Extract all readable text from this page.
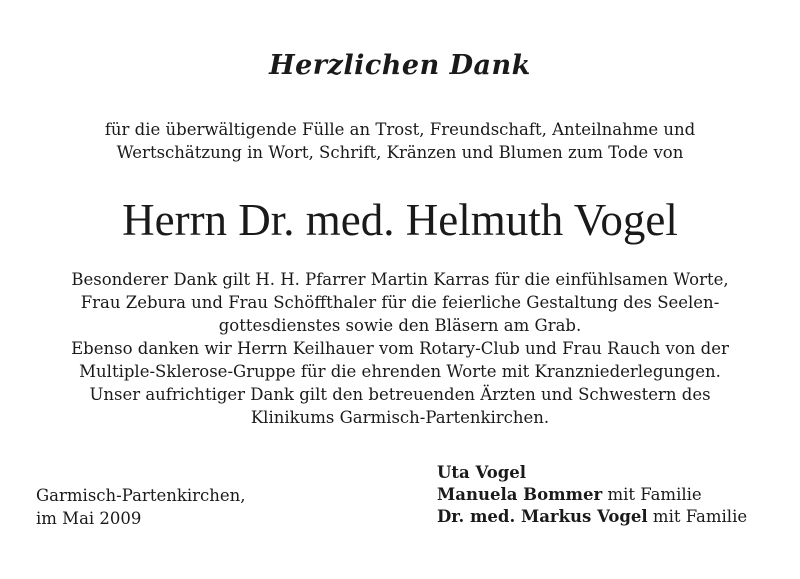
Herzlichen Dank
für die überwältigende Fülle an Trost, Freundschaft, Anteilnahme und
Wertschätzung in Wort, Schrift, Kränzen und Blumen zum Tode von
Herrn Dr. med. Helmuth Vogel
Besonderer Dank gilt H. H. Pfarrer Martin Karras für die einfühlsamen Worte,
Frau Zebura und Frau Schöffthaler für die feierliche Gestaltung des Seelen-
gottesdienstes sowie den Bläsern am Grab.
Ebenso danken wir Herrn Keilhauer vom Rotary-Club und Frau Rauch von der
Multiple-Sklerose-Gruppe für die ehrenden Worte mit Kranzniederlegungen.
Unser aufrichtiger Dank gilt den betreuenden Ärzten und Schwestern des
Klinikums Garmisch-Partenkirchen.
Garmisch-Partenkirchen,
im Mai 2009
Uta Vogel
Manuela Bommer mit Familie
Dr. med. Markus Vogel mit Familie
